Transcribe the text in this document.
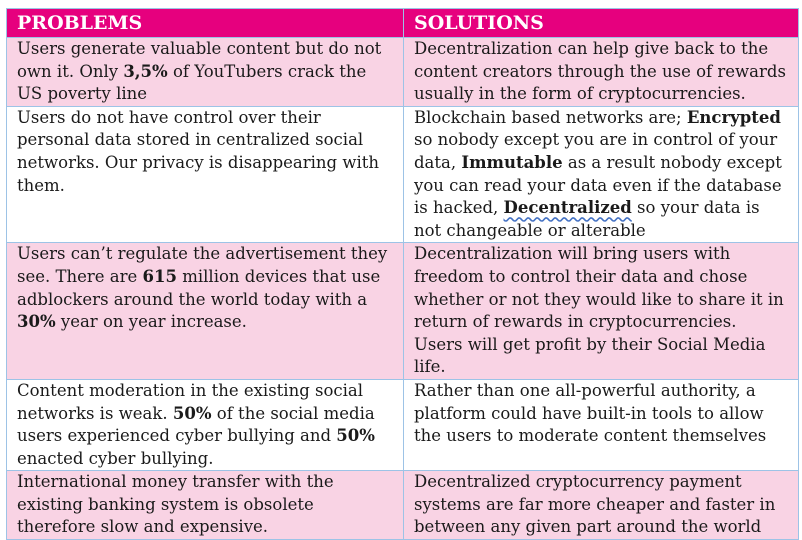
PROBLEMS	SOLUTIONS
Users generate valuable content but do not own it. Only 3,5% of YouTubers crack the US poverty line	Decentralization can help give back to the content creators through the use of rewards usually in the form of cryptocurrencies.
Users do not have control over their personal data stored in centralized social networks. Our privacy is disappearing with them.	Blockchain based networks are; Encrypted so nobody except you are in control of your data, Immutable as a result nobody except you can read your data even if the database is hacked, Decentralized so your data is not changeable or alterable
Users can’t regulate the advertisement they see. There are 615 million devices that use adblockers around the world today with a 30% year on year increase.	Decentralization will bring users with freedom to control their data and chose whether or not they would like to share it in return of rewards in cryptocurrencies. Users will get profit by their Social Media life.
Content moderation in the existing social networks is weak. 50% of the social media users experienced cyber bullying and 50% enacted cyber bullying.	Rather than one all-powerful authority, a platform could have built-in tools to allow the users to moderate content themselves
International money transfer with the existing banking system is obsolete therefore slow and expensive.	Decentralized cryptocurrency payment systems are far more cheaper and faster in between any given part around the world
